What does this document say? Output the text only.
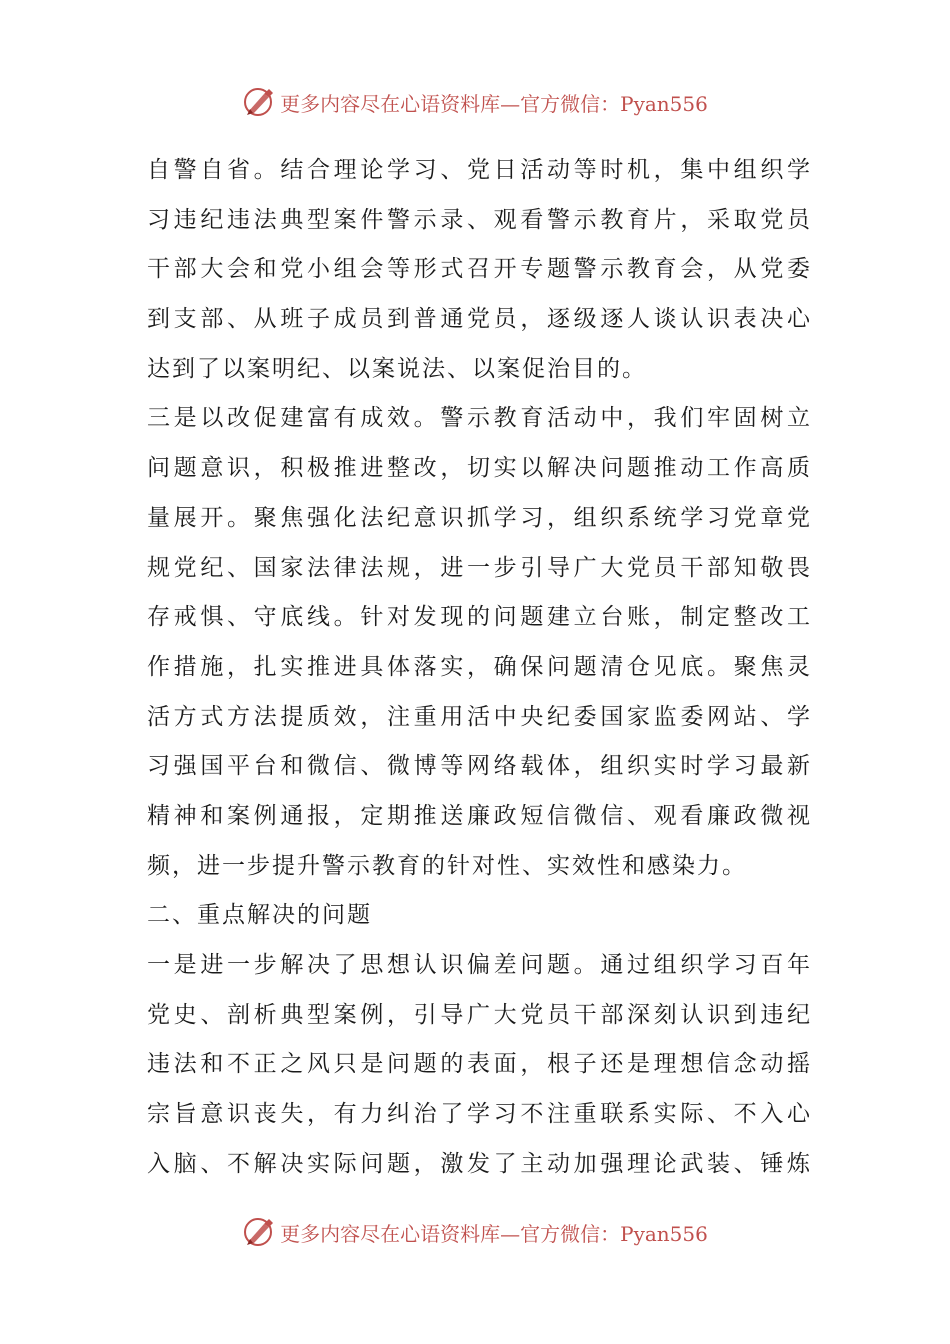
更多内容尽在心语资料库—官方微信：Pyan556
自警自省。结合理论学习、党日活动等时机，集中组织学
习违纪违法典型案件警示录、观看警示教育片，采取党员
干部大会和党小组会等形式召开专题警示教育会，从党委
到支部、从班子成员到普通党员，逐级逐人谈认识表决心
达到了以案明纪、以案说法、以案促治目的。
三是以改促建富有成效。警示教育活动中，我们牢固树立
问题意识，积极推进整改，切实以解决问题推动工作高质
量展开。聚焦强化法纪意识抓学习，组织系统学习党章党
规党纪、国家法律法规，进一步引导广大党员干部知敬畏
存戒惧、守底线。针对发现的问题建立台账，制定整改工
作措施，扎实推进具体落实，确保问题清仓见底。聚焦灵
活方式方法提质效，注重用活中央纪委国家监委网站、学
习强国平台和微信、微博等网络载体，组织实时学习最新
精神和案例通报，定期推送廉政短信微信、观看廉政微视
频，进一步提升警示教育的针对性、实效性和感染力。
二、重点解决的问题
一是进一步解决了思想认识偏差问题。通过组织学习百年
党史、剖析典型案例，引导广大党员干部深刻认识到违纪
违法和不正之风只是问题的表面，根子还是理想信念动摇
宗旨意识丧失，有力纠治了学习不注重联系实际、不入心
入脑、不解决实际问题，激发了主动加强理论武装、锤炼
更多内容尽在心语资料库—官方微信：Pyan556
